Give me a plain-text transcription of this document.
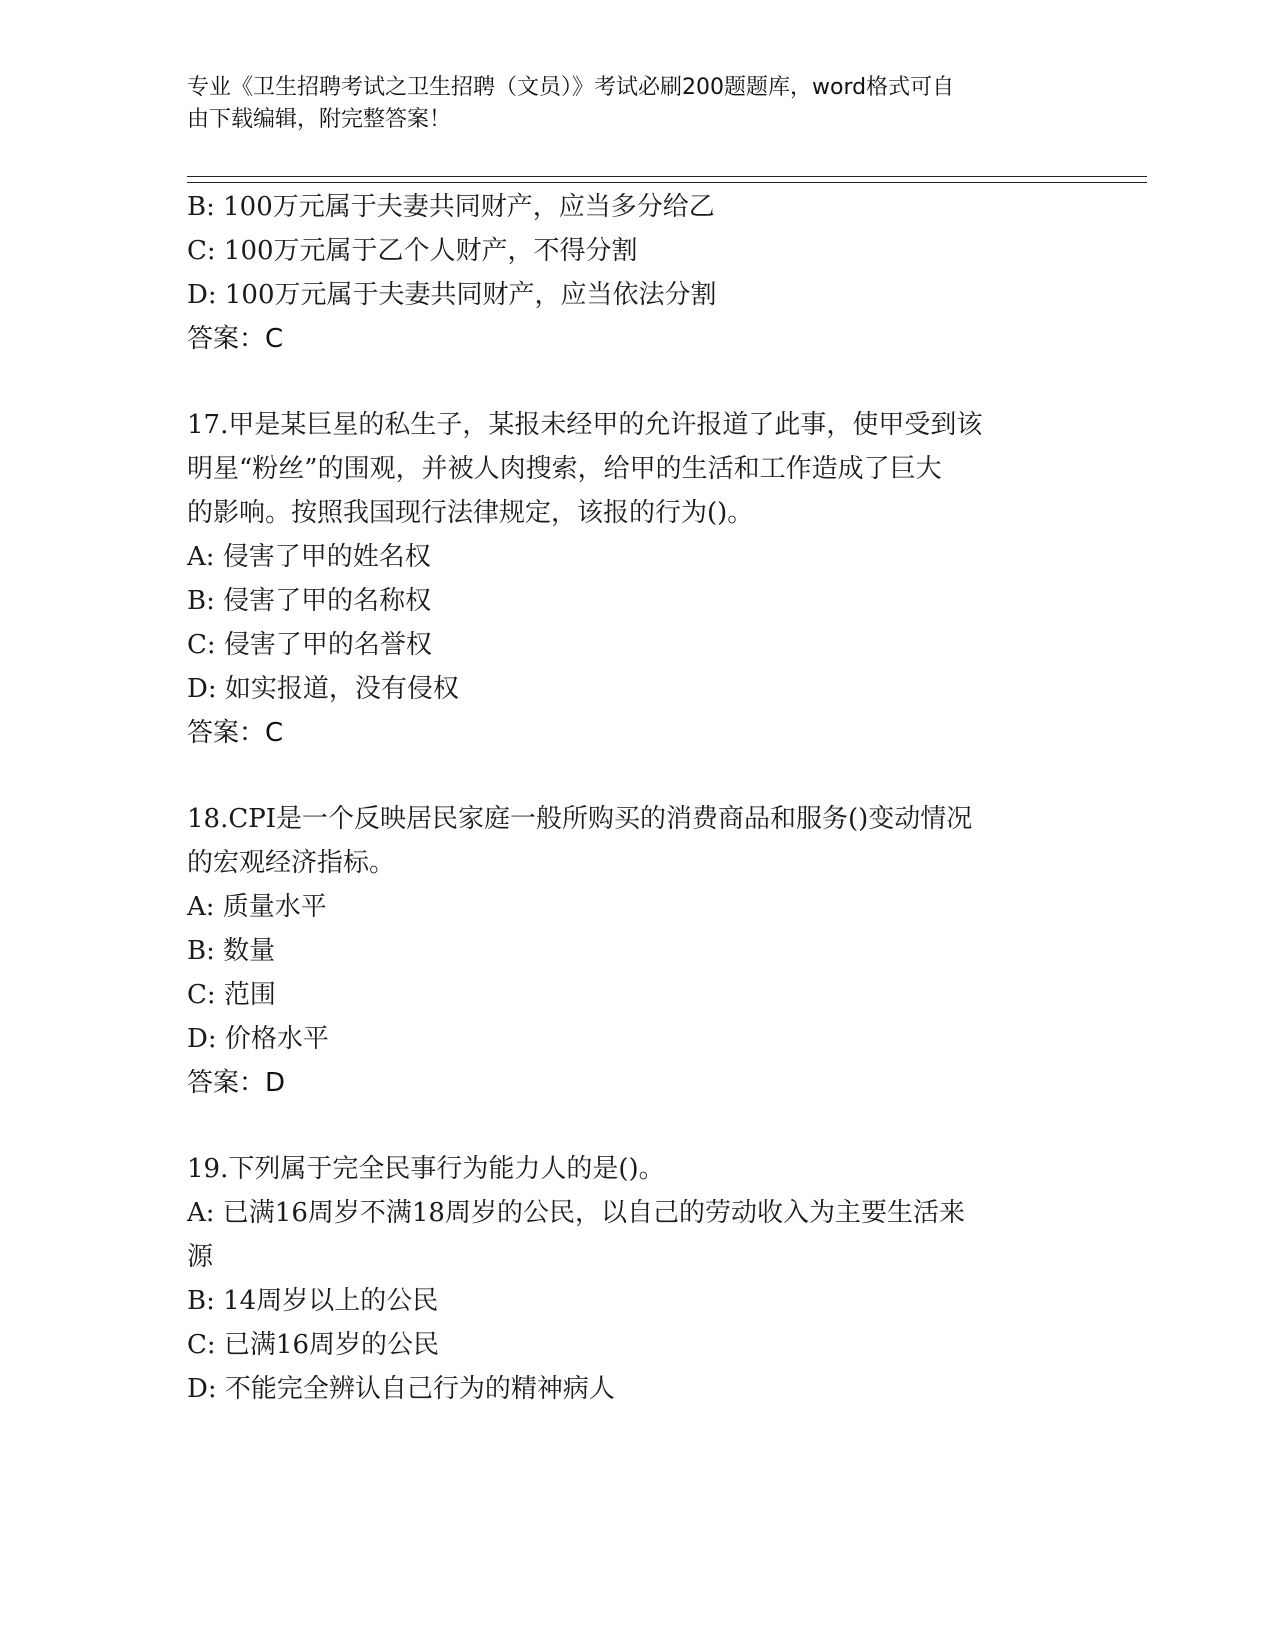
专业《卫生招聘考试之卫生招聘（文员）》考试必刷200题题库，word格式可自
由下载编辑，附完整答案！
B: 100万元属于夫妻共同财产，应当多分给乙
C: 100万元属于乙个人财产，不得分割
D: 100万元属于夫妻共同财产，应当依法分割
答案：C
17.甲是某巨星的私生子，某报未经甲的允许报道了此事，使甲受到该
明星“粉丝”的围观，并被人肉搜索，给甲的生活和工作造成了巨大
的影响。按照我国现行法律规定，该报的行为()。
A: 侵害了甲的姓名权
B: 侵害了甲的名称权
C: 侵害了甲的名誉权
D: 如实报道，没有侵权
答案：C
18.CPI是一个反映居民家庭一般所购买的消费商品和服务()变动情况
的宏观经济指标。
A: 质量水平
B: 数量
C: 范围
D: 价格水平
答案：D
19.下列属于完全民事行为能力人的是()。
A: 已满16周岁不满18周岁的公民，以自己的劳动收入为主要生活来
源
B: 14周岁以上的公民
C: 已满16周岁的公民
D: 不能完全辨认自己行为的精神病人
